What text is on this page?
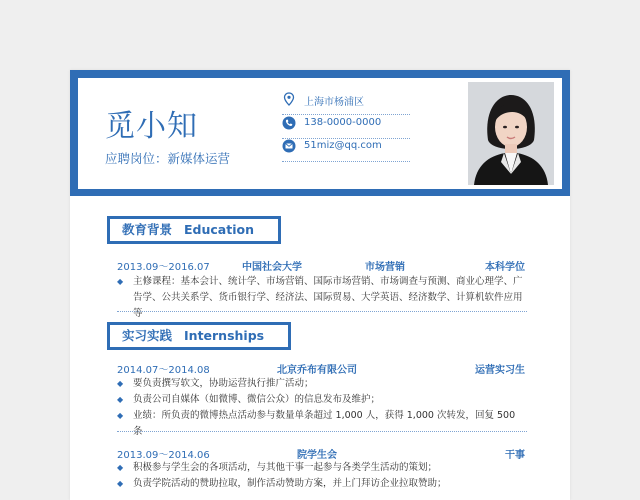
觅小知
应聘岗位：新媒体运营
上海市杨浦区
138-0000-0000
51miz@qq.com
教育背景 Education
2013.09～2016.07	中国社会大学	市场营销	本科学位
◆ 主修课程：基本会计、统计学、市场营销、国际市场营销、市场调查与预测、商业心理学、广告学、公共关系学、货币银行学、经济法、国际贸易、大学英语、经济数学、计算机软件应用等
实习实践 Internships
2014.07～2014.08	北京乔布有限公司	运营实习生
◆ 要负责撰写软文，协助运营执行推广活动；
◆ 负责公司自媒体（如微博、微信公众）的信息发布及维护；
◆ 业绩：所负责的微博热点活动参与数量单条超过 1,000 人，获得 1,000 次转发，回复 500 条
2013.09～2014.06	院学生会	干事
◆ 积极参与学生会的各项活动，与其他干事一起参与各类学生活动的策划；
◆ 负责学院活动的赞助拉取，制作活动赞助方案，并上门拜访企业拉取赞助；
